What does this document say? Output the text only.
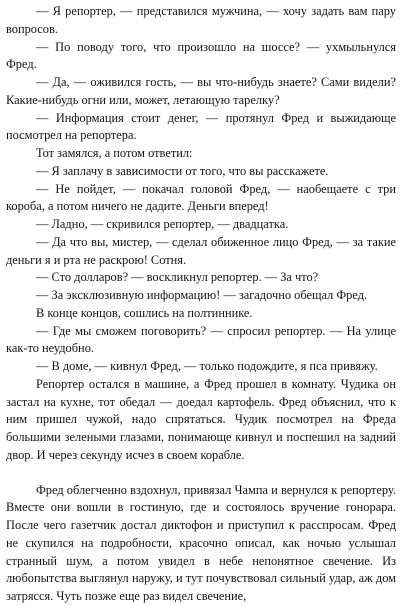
— Я репортер, — представился мужчина, — хочу задать вам пару вопросов.

— По поводу того, что произошло на шоссе? — ухмыльнулся Фред.

— Да, — оживился гость, — вы что-нибудь знаете? Сами видели? Какие-нибудь огни или, может, летающую тарелку?

— Информация стоит денег, — протянул Фред и выжидающе посмотрел на репортера.

Тот замялся, а потом ответил:

— Я заплачу в зависимости от того, что вы расскажете.

— Не пойдет, — покачал головой Фред, — наобещаете с три короба, а потом ничего не дадите. Деньги вперед!

— Ладно, — скривился репортер, — двадцатка.

— Да что вы, мистер, — сделал обиженное лицо Фред, — за такие деньги я и рта не раскрою! Сотня.

— Сто долларов? — воскликнул репортер. — За что?

— За эксклюзивную информацию! — загадочно обещал Фред.

В конце концов, сошлись на полтиннике.

— Где мы сможем поговорить? — спросил репортер. — На улице как-то неудобно.

— В доме, — кивнул Фред, — только подождите, я пса привяжу.

Репортер остался в машине, а Фред прошел в комнату. Чудика он застал на кухне, тот обедал — доедал картофель. Фред объяснил, что к ним пришел чужой, надо спрятаться. Чудик посмотрел на Фреда большими зелеными глазами, понимающе кивнул и поспешил на задний двор. И через секунду исчез в своем корабле.

Фред облегченно вздохнул, привязал Чампа и вернулся к репортеру. Вместе они вошли в гостиную, где и состоялось вручение гонорара. После чего газетчик достал диктофон и приступил к расспросам. Фред не скупился на подробности, красочно описал, как ночью услышал странный шум, а потом увидел в небе непонятное свечение. Из любопытства выглянул наружу, и тут почувствовал сильный удар, аж дом затрясся. Чуть позже еще раз видел свечение,
